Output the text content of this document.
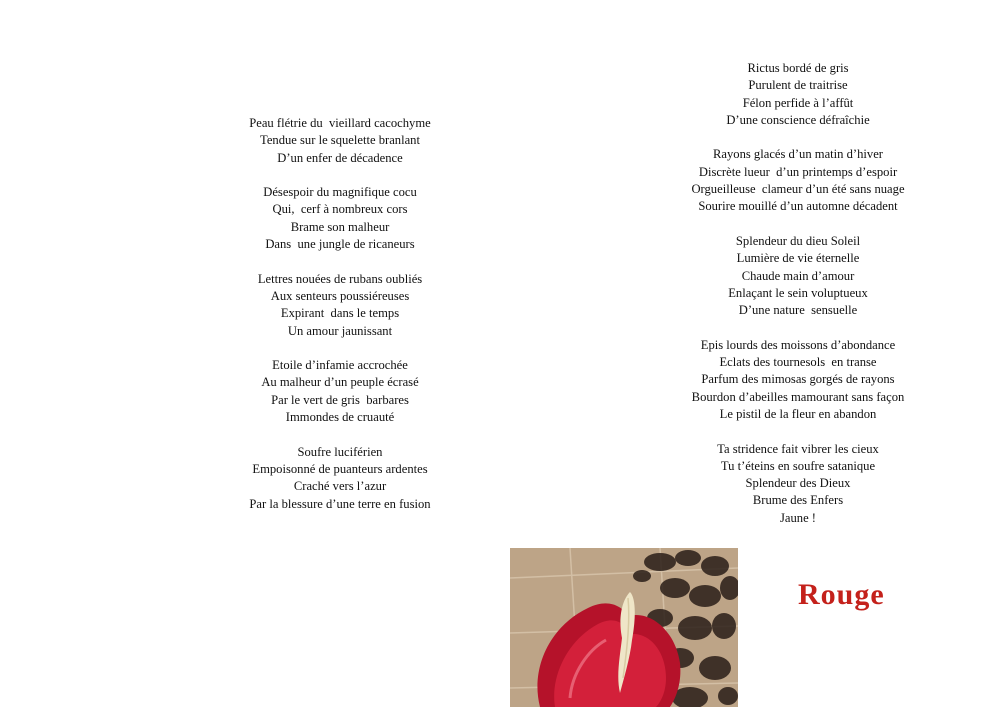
Peau flétrie du  vieillard cacochyme
Tendue sur le squelette branlant
D’un enfer de décadence
Désespoir du magnifique cocu
Qui,  cerf à nombreux cors
Brame son malheur
Dans  une jungle de ricaneurs
Lettres nouées de rubans oubliés
Aux senteurs poussiéreuses
Expirant  dans le temps
Un amour jaunissant
Etoile d’infamie accrochée
Au malheur d’un peuple écrasé
Par le vert de gris  barbares
Immondes de cruauté
Soufre luciférien
Empoisonné de puanteurs ardentes
Craché vers l’azur
Par la blessure d’une terre en fusion
Rictus bordé de gris
Purulent de traitrise
Félon perfide à l’affût
D’une conscience défraîchie
Rayons glacés d’un matin d’hiver
Discrète lueur  d’un printemps d’espoir
Orgueilleuse  clameur d’un été sans nuage
Sourire mouillé d’un automne décadent
Splendeur du dieu Soleil
Lumière de vie éternelle
Chaude main d’amour
Enlaçant le sein voluptueux
D’une nature  sensuelle
Epis lourds des moissons d’abondance
Eclats des tournesols  en transe
Parfum des mimosas gorgés de rayons
Bourdon d’abeilles mamourant sans façon
Le pistil de la fleur en abandon
Ta stridence fait vibrer les cieux
Tu t’éteins en soufre satanique
Splendeur des Dieux
Brume des Enfers
Jaune !
Rouge
